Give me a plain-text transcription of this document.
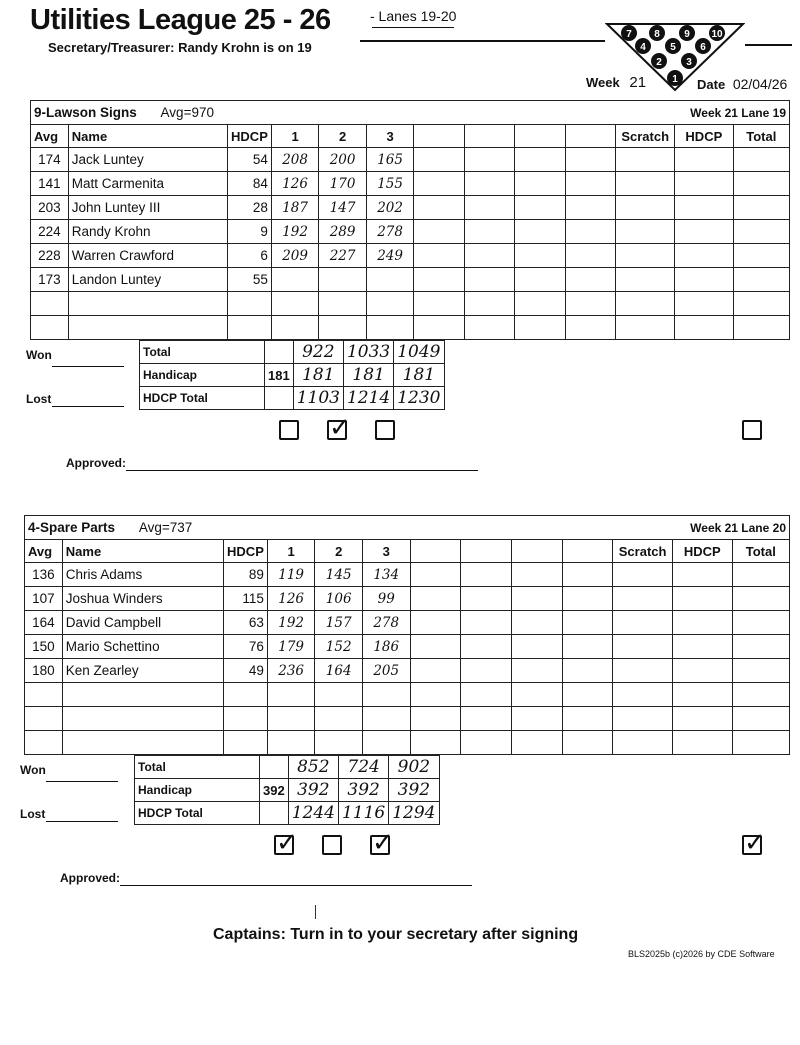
Utilities League 25 - 26	- Lanes 19-20
Secretary/Treasurer: Randy Krohn is on 19
7 8 9 10
4 5 6
2 3
1
Week 21	Date 02/04/26
9-Lawson Signs Avg=970										Week 21 Lane 19		
Avg	Name	HDCP	1	2	3					Scratch	HDCP	Total
174	Jack Luntey	54	208	200	165							
141	Matt Carmenita	84	126	170	155							
203	John Luntey III	28	187	147	202							
224	Randy Krohn	9	192	289	278							
228	Warren Crawford	6	209	227	249							
173	Landon Luntey	55										

Won
Lost
Total		922	1033	1049
Handicap	181	181	181	181
HDCP Total		1103	1214	1230
✓
Approved:
4-Spare Parts Avg=737										Week 21 Lane 20		
Avg	Name	HDCP	1	2	3					Scratch	HDCP	Total
136	Chris Adams	89	119	145	134							
107	Joshua Winders	115	126	106	99							
164	David Campbell	63	192	157	278							
150	Mario Schettino	76	179	152	186							
180	Ken Zearley	49	236	164	205							

Won
Lost
Total		852	724	902
Handicap	392	392	392	392
HDCP Total		1244	1116	1294
✓	✓	✓
Approved:
Captains: Turn in to your secretary after signing
BLS2025b (c)2026 by CDE Software
